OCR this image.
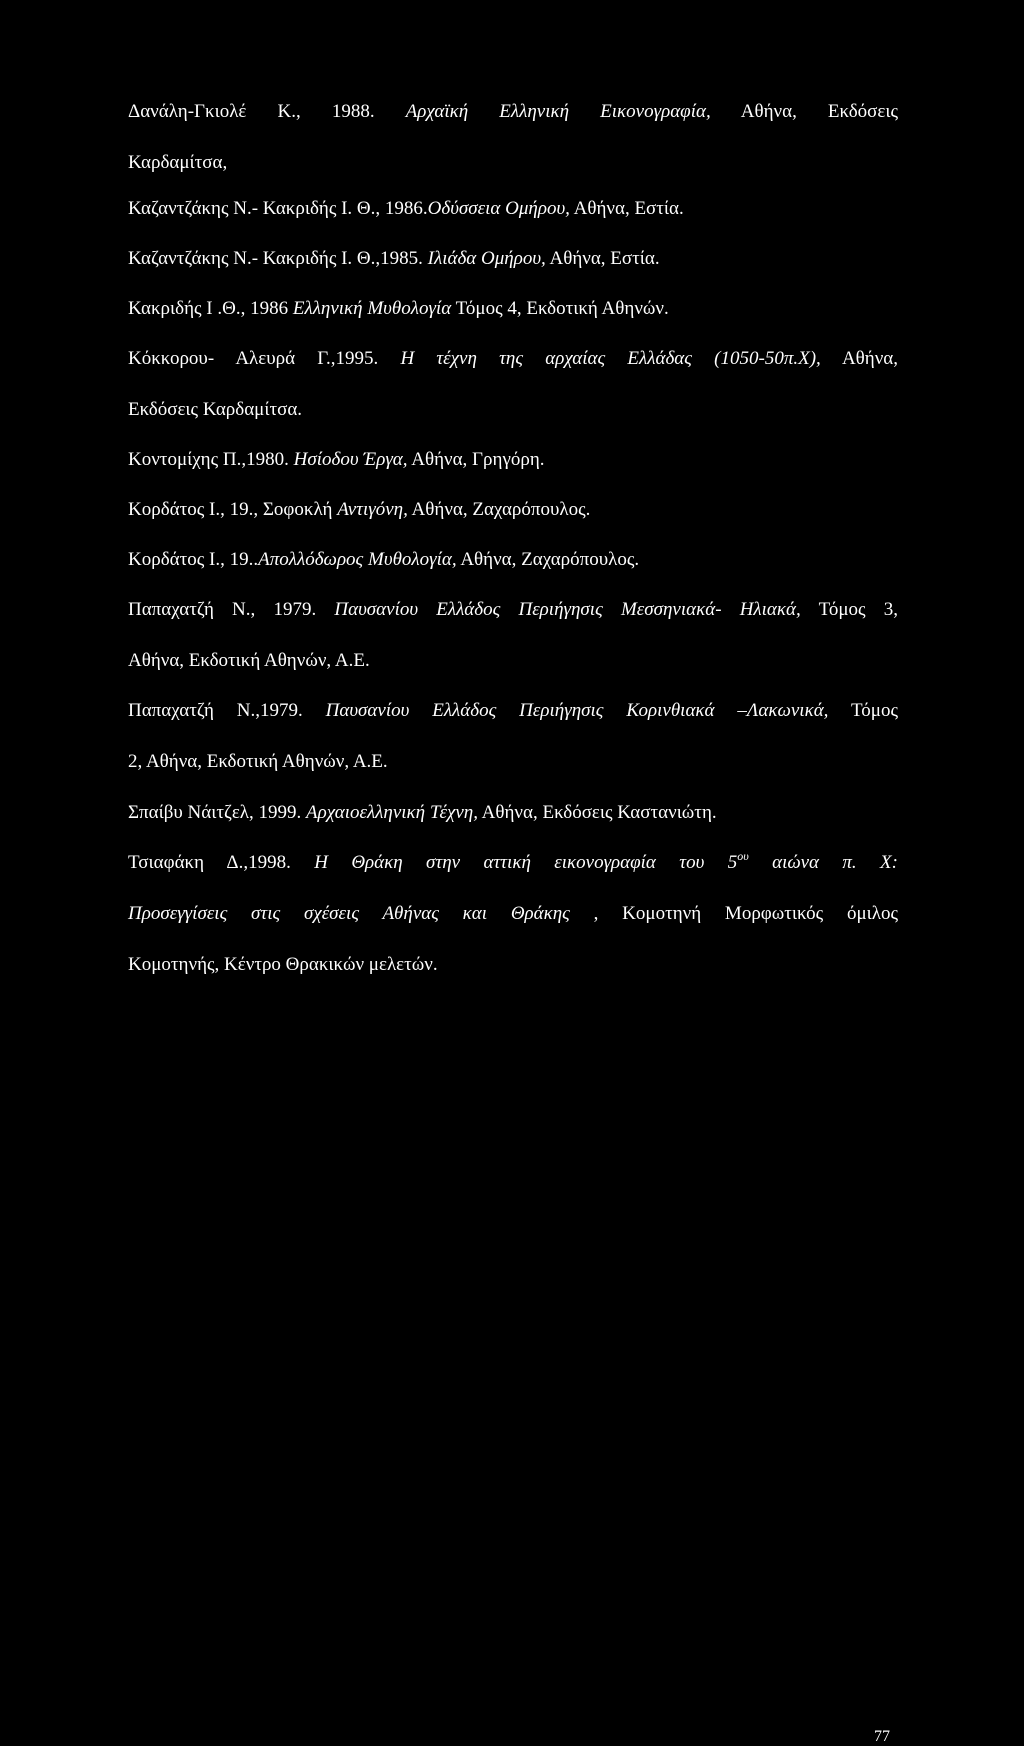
Δανάλη-Γκιολέ Κ., 1988. Αρχαϊκή Ελληνική Εικονογραφία, Αθήνα, Εκδόσεις
Καρδαμίτσα,
Καζαντζάκης Ν.- Κακριδής Ι. Θ., 1986.Οδύσσεια Ομήρου, Αθήνα, Εστία.
Καζαντζάκης Ν.- Κακριδής Ι. Θ.,1985. Ιλιάδα Ομήρου, Αθήνα, Εστία.
Κακριδής Ι .Θ., 1986 Ελληνική Μυθολογία Τόμος 4, Εκδοτική Αθηνών.
Κόκκορου- Αλευρά Γ.,1995. Η τέχνη της αρχαίας Ελλάδας (1050-50π.Χ), Αθήνα,
Εκδόσεις Καρδαμίτσα.
Κοντομίχης Π.,1980. Ησίοδου Έργα, Αθήνα, Γρηγόρη.
Κορδάτος Ι., 19., Σοφοκλή Αντιγόνη, Αθήνα, Ζαχαρόπουλος.
Κορδάτος Ι., 19..Απολλόδωρος Μυθολογία, Αθήνα, Ζαχαρόπουλος.
Παπαχατζή Ν., 1979. Παυσανίου Ελλάδος Περιήγησις Μεσσηνιακά- Ηλιακά, Τόμος 3,
Αθήνα, Εκδοτική Αθηνών, Α.Ε.
Παπαχατζή Ν.,1979. Παυσανίου Ελλάδος Περιήγησις Κορινθιακά –Λακωνικά, Τόμος
2, Αθήνα, Εκδοτική Αθηνών, Α.Ε.
Σπαίβυ Νάιτζελ, 1999. Αρχαιοελληνική Τέχνη, Αθήνα, Εκδόσεις Καστανιώτη.
Τσιαφάκη Δ.,1998. Η Θράκη στην αττική εικονογραφία του $5^{o\upsilon}$ αιώνα π. Χ:
Προσεγγίσεις στις σχέσεις Αθήνας και Θράκης , Κομοτηνή Μορφωτικός όμιλος
Κομοτηνής, Κέντρο Θρακικών μελετών.
77
